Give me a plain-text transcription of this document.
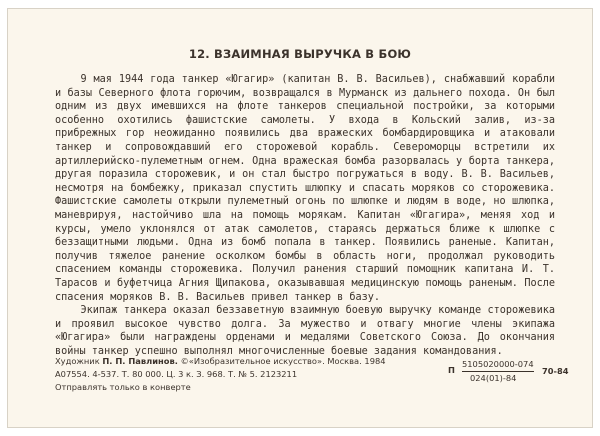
12. ВЗАИМНАЯ ВЫРУЧКА В БОЮ

9 мая 1944 года танкер «Югагир» (капитан В. В. Васильев), снабжавший корабли и базы Северного флота горючим, возвращался в Мурманск из дальнего похода. Он был одним из двух имевшихся на флоте танкеров специальной постройки, за которыми особенно охотились фашистские самолеты. У входа в Кольский залив, из-за прибрежных гор неожиданно появились два вражеских бомбардировщика и атаковали танкер и сопровождавший его сторожевой корабль. Североморцы встретили их артиллерийско-пулеметным огнем. Одна вражеская бомба разорвалась у борта танкера, другая поразила сторожевик, и он стал быстро погружаться в воду. В. В. Васильев, несмотря на бомбежку, приказал спустить шлюпку и спасать моряков со сторожевика. Фашистские самолеты открыли пулеметный огонь по шлюпке и людям в воде, но шлюпка, маневрируя, настойчиво шла на помощь морякам. Капитан «Югагира», меняя ход и курсы, умело уклонялся от атак самолетов, стараясь держаться ближе к шлюпке с беззащитными людьми. Одна из бомб попала в танкер. Появились раненые. Капитан, получив тяжелое ранение осколком бомбы в область ноги, продолжал руководить спасением команды сторожевика. Получил ранения старший помощник капитана И. Т. Тарасов и буфетчица Агния Щипакова, оказывавшая медицинскую помощь раненым. После спасения моряков В. В. Васильев привел танкер в базу.

Экипаж танкера оказал беззаветную взаимную боевую выручку команде сторожевика и проявил высокое чувство долга. За мужество и отвагу многие члены экипажа «Югагира» были награждены орденами и медалями Советского Союза. До окончания войны танкер успешно выполнял многочисленные боевые задания командования.

Художник П. П. Павлинов. ©«Изобразительное искусство». Москва. 1984
А07554. 4-537. Т. 80 000. Ц. 3 к. З. 968. Т. № 5. 2123211
Отправлять только в конверте
П
5105020000-074
024(01)-84
70-84
